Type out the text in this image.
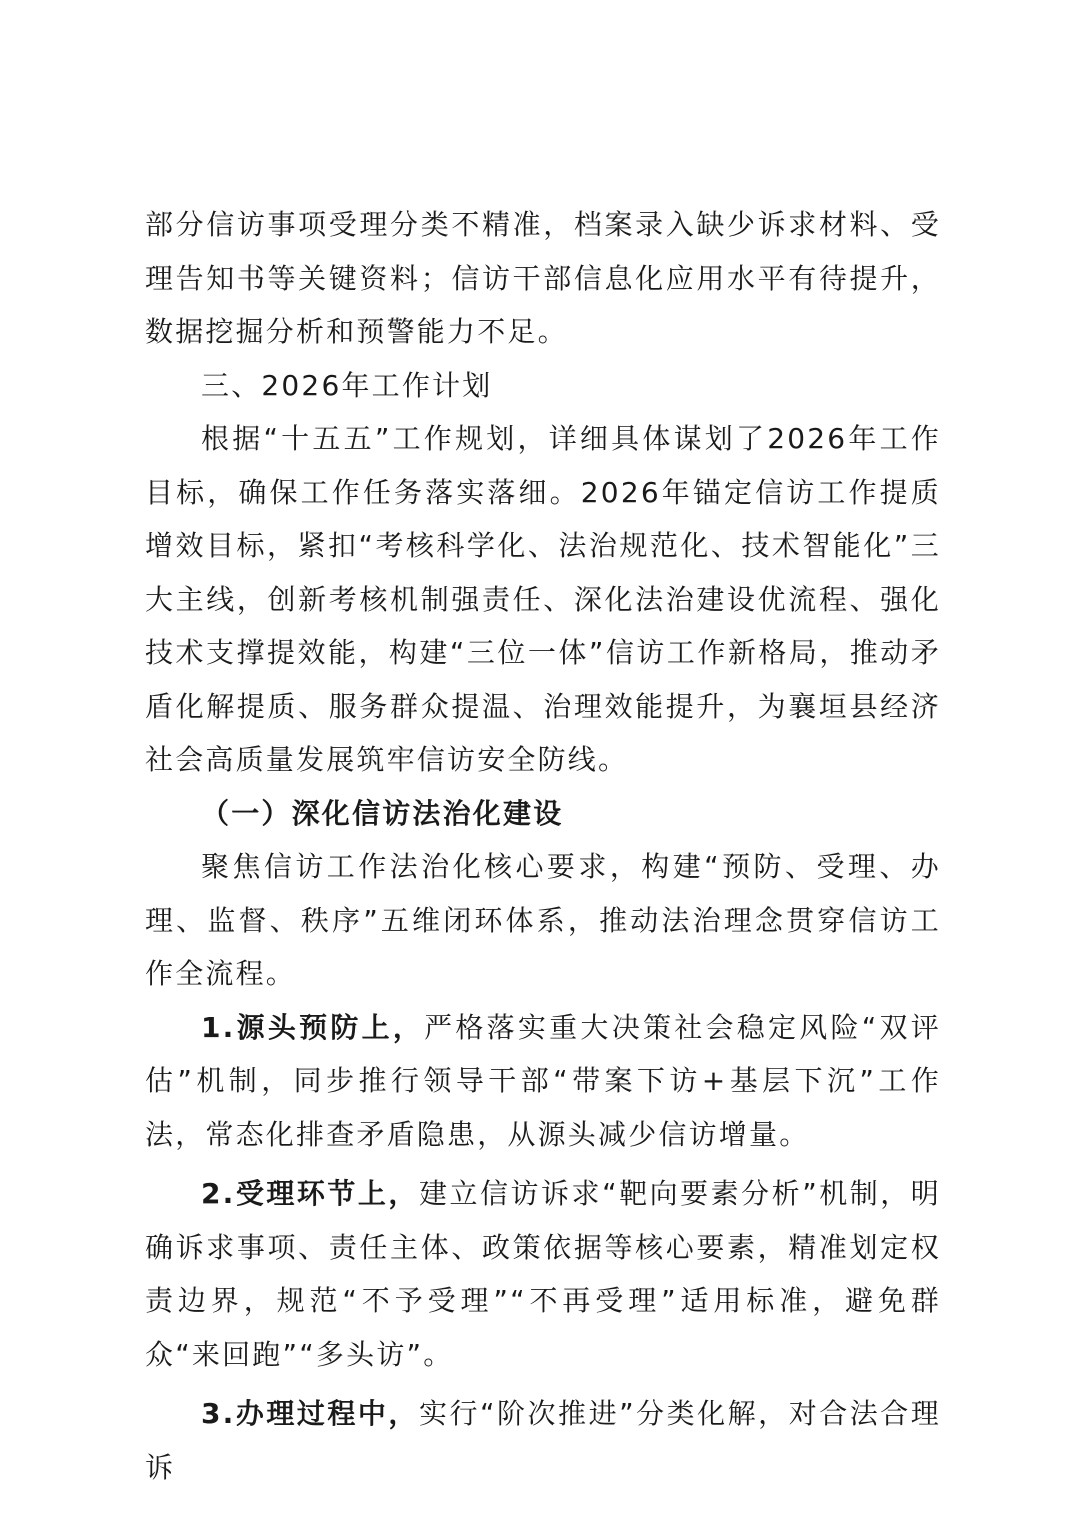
部分信访事项受理分类不精准，档案录入缺少诉求材料、受理告知书等关键资料；信访干部信息化应用水平有待提升，数据挖掘分析和预警能力不足。

三、2026年工作计划

根据“十五五”工作规划，详细具体谋划了2026年工作目标，确保工作任务落实落细。2026年锚定信访工作提质增效目标，紧扣“考核科学化、法治规范化、技术智能化”三大主线，创新考核机制强责任、深化法治建设优流程、强化技术支撑提效能，构建“三位一体”信访工作新格局，推动矛盾化解提质、服务群众提温、治理效能提升，为襄垣县经济社会高质量发展筑牢信访安全防线。

（一）深化信访法治化建设

聚焦信访工作法治化核心要求，构建“预防、受理、办理、监督、秩序”五维闭环体系，推动法治理念贯穿信访工作全流程。

1.源头预防上，严格落实重大决策社会稳定风险“双评估”机制，同步推行领导干部“带案下访+基层下沉”工作法，常态化排查矛盾隐患，从源头减少信访增量。

2.受理环节上，建立信访诉求“靶向要素分析”机制，明确诉求事项、责任主体、政策依据等核心要素，精准划定权责边界，规范“不予受理”“不再受理”适用标准，避免群众“来回跑”“多头访”。

3.办理过程中，实行“阶次推进”分类化解，对合法合理诉
